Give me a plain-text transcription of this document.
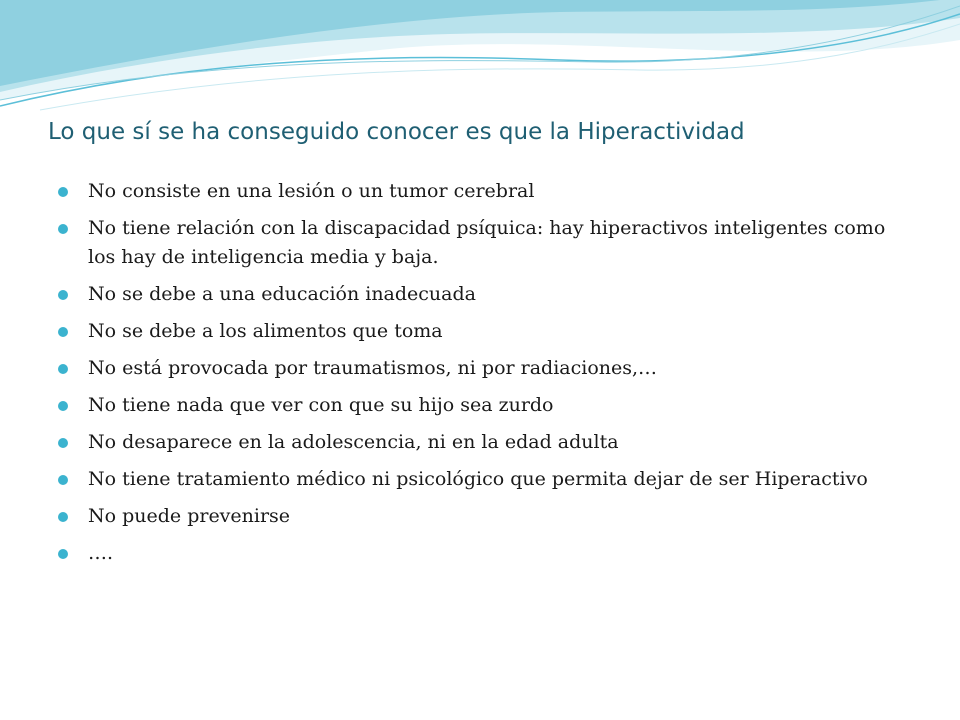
Lo que sí se ha conseguido conocer es que la Hiperactividad
No consiste en una lesión o un tumor cerebral
No tiene relación con la discapacidad psíquica: hay hiperactivos inteligentes como los hay de inteligencia media y baja.
No se debe a una educación inadecuada
No se debe a los alimentos que toma
No está provocada por traumatismos, ni por radiaciones,…
No tiene nada que ver con que su hijo sea zurdo
No desaparece en la adolescencia, ni en la edad adulta
No tiene tratamiento médico ni psicológico que permita dejar de ser Hiperactivo
No puede prevenirse
….
